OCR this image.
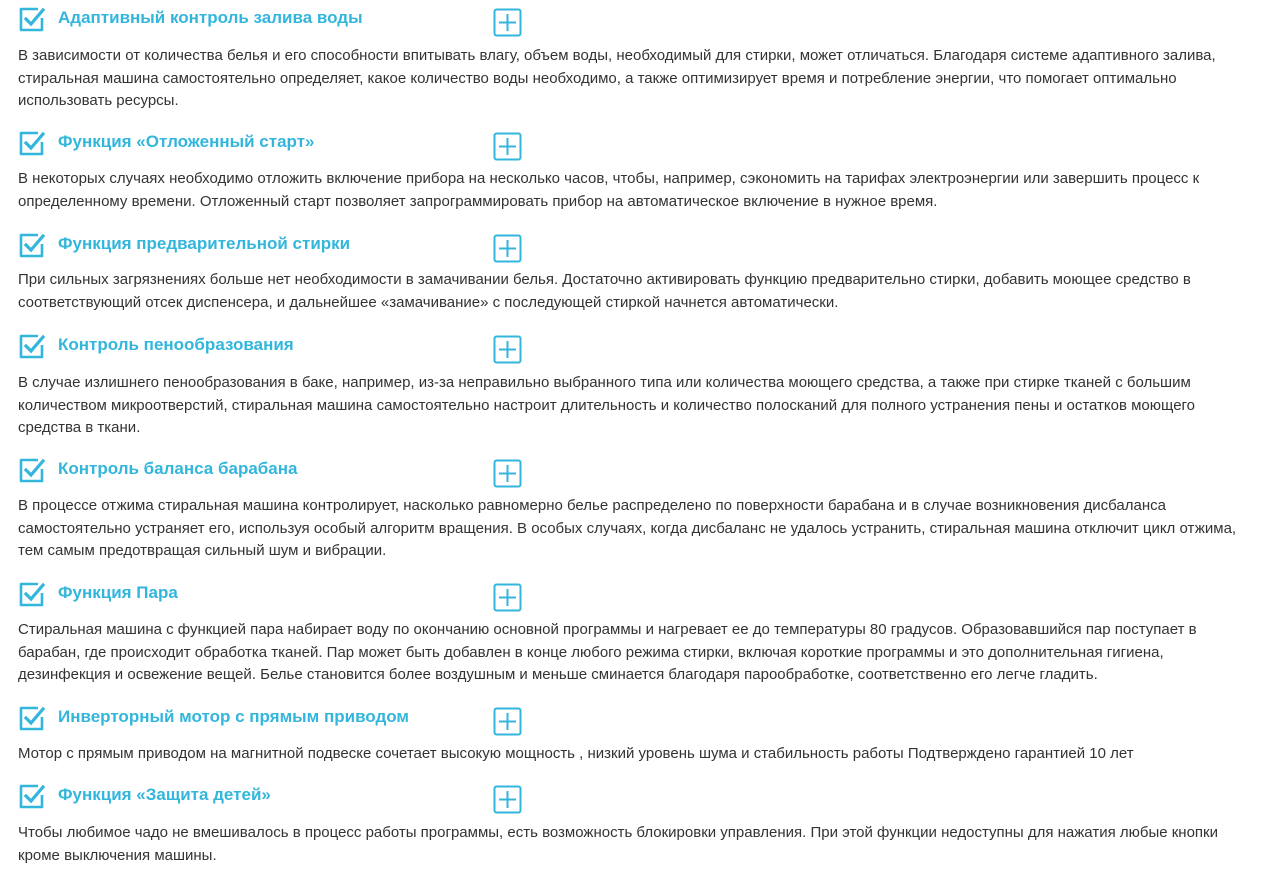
Адаптивный контроль залива воды

В зависимости от количества белья и его способности впитывать влагу, объем воды, необходимый для стирки, может отличаться. Благодаря системе адаптивного залива, стиральная машина самостоятельно определяет, какое количество воды необходимо, а также оптимизирует время и потребление энергии, что помогает оптимально использовать ресурсы.

Функция «Отложенный старт»

В некоторых случаях необходимо отложить включение прибора на несколько часов, чтобы, например, сэкономить на тарифах электроэнергии или завершить процесс к определенному времени. Отложенный старт позволяет запрограммировать прибор на автоматическое включение в нужное время.

Функция предварительной стирки

При сильных загрязнениях больше нет необходимости в замачивании белья. Достаточно активировать функцию предварительно стирки, добавить моющее средство в соответствующий отсек диспенсера, и дальнейшее «замачивание» с последующей стиркой начнется автоматически.

Контроль пенообразования

В случае излишнего пенообразования в баке, например, из-за неправильно выбранного типа или количества моющего средства, а также при стирке тканей с большим количеством микроотверстий, стиральная машина самостоятельно настроит длительность и количество полосканий для полного устранения пены и остатков моющего средства в ткани.

Контроль баланса барабана

В процессе отжима стиральная машина контролирует, насколько равномерно белье распределено по поверхности барабана и в случае возникновения дисбаланса самостоятельно устраняет его, используя особый алгоритм вращения. В особых случаях, когда дисбаланс не удалось устранить, стиральная машина отключит цикл отжима, тем самым предотвращая сильный шум и вибрации.

Функция Пара

Стиральная машина с функцией пара набирает воду по окончанию основной программы и нагревает ее до температуры 80 градусов. Образовавшийся пар поступает в барабан, где происходит обработка тканей. Пар может быть добавлен в конце любого режима стирки, включая короткие программы и это дополнительная гигиена, дезинфекция и освежение вещей. Белье становится более воздушным и меньше сминается благодаря парообработке, соответственно его легче гладить.

Инверторный мотор с прямым приводом

Мотор с прямым приводом на магнитной подвеске сочетает высокую мощность , низкий уровень шума и стабильность работы Подтверждено гарантией 10 лет

Функция «Защита детей»

Чтобы любимое чадо не вмешивалось в процесс работы программы, есть возможность блокировки управления. При этой функции недоступны для нажатия любые кнопки кроме выключения машины.
